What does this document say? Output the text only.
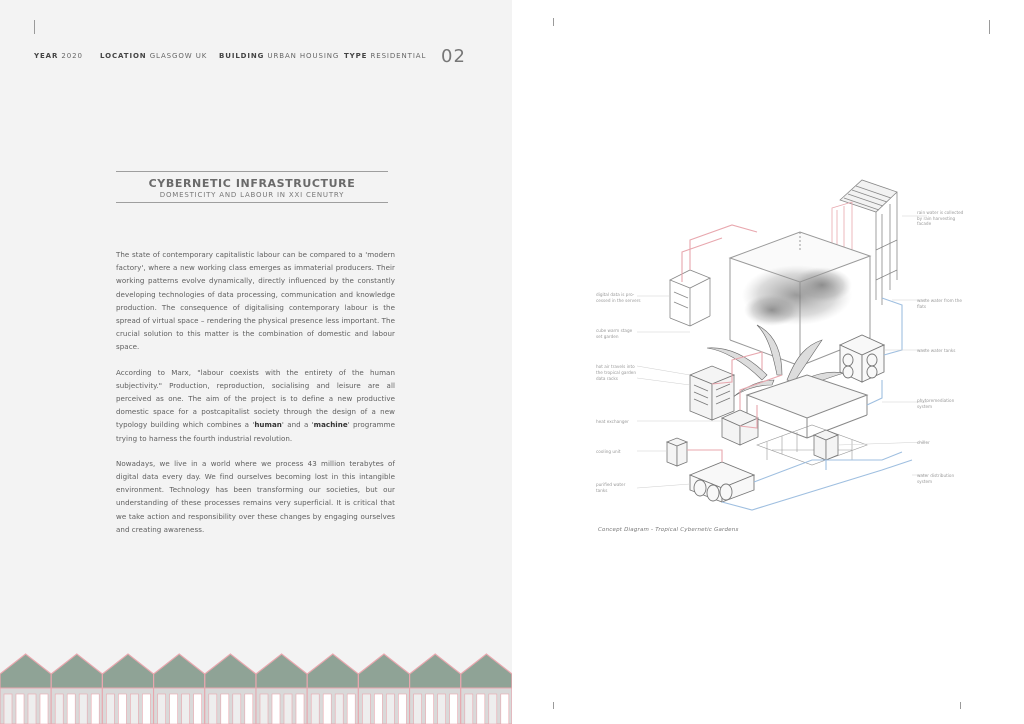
YEAR 2020 LOCATION GLASGOW UK BUILDING URBAN HOUSING TYPE RESIDENTIAL 02
CYBERNETIC INFRASTRUCTURE
DOMESTICITY AND LABOUR IN XXI CENUTRY

The state of contemporary capitalistic labour can be compared to a 'modern factory', where a new working class emerges as immaterial producers. Their working patterns evolve dynamically, directly influenced by the constantly developing technologies of data processing, communication and knowledge production. The consequence of digitalising contemporary labour is the spread of virtual space – rendering the physical presence less important. The crucial solution to this matter is the combination of domestic and labour space.

According to Marx, "labour coexists with the entirety of the human subjectivity." Production, reproduction, socialising and leisure are all perceived as one. The aim of the project is to define a new productive domestic space for a postcapitalist society through the design of a new typology building which combines a 'human' and a 'machine' programme trying to harness the fourth industrial revolution.

Nowadays, we live in a world where we process 43 million terabytes of digital data every day. We find ourselves becoming lost in this intangible environment. Technology has been transforming our societies, but our understanding of these processes remains very superficial. It is critical that we take action and responsibility over these changes by engaging ourselves and creating awareness.

digital data is pro-
cessed in the servers
cube warm stage
set garden
hot air travels into
the tropical garden
data racks
heat exchanger
cooling unit
purified water
tanks
rain water is collected
by rain harvesting
facade
waste water from the
flats
waste water tanks
phytoremediation
system
chiller
water distribution
system
Concept Diagram - Tropical Cybernetic Gardens
